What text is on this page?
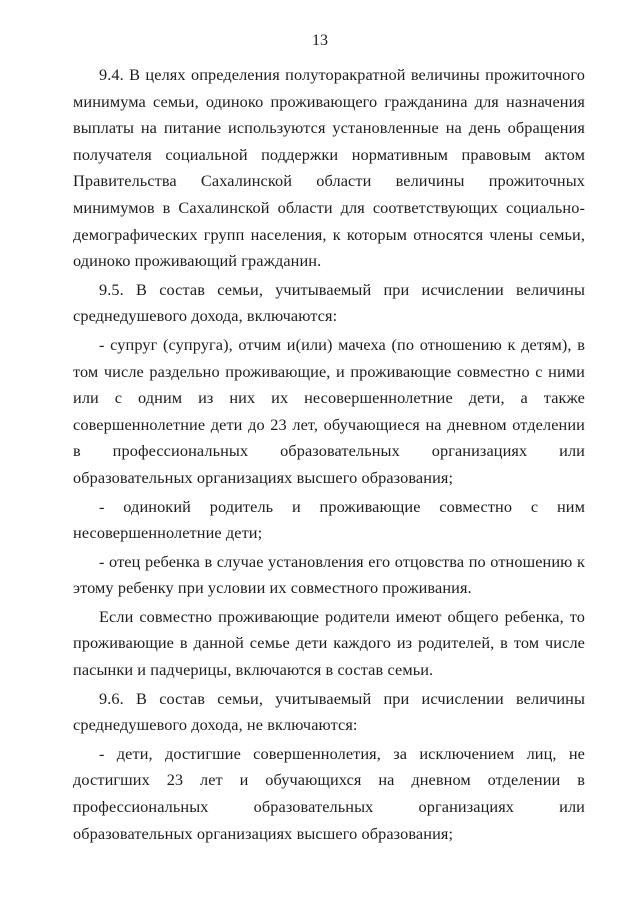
13

9.4. В целях определения полуторакратной величины прожиточного минимума семьи, одиноко проживающего гражданина для назначения выплаты на питание используются установленные на день обращения получателя социальной поддержки нормативным правовым актом Правительства Сахалинской области величины прожиточных минимумов в Сахалинской области для соответствующих социально-демографических групп населения, к которым относятся члены семьи, одиноко проживающий гражданин.

9.5. В состав семьи, учитываемый при исчислении величины среднедушевого дохода, включаются:

- супруг (супруга), отчим и(или) мачеха (по отношению к детям), в том числе раздельно проживающие, и проживающие совместно с ними или с одним из них их несовершеннолетние дети, а также совершеннолетние дети до 23 лет, обучающиеся на дневном отделении в профессиональных образовательных организациях или образовательных организациях высшего образования;

- одинокий родитель и проживающие совместно с ним несовершеннолетние дети;

- отец ребенка в случае установления его отцовства по отношению к этому ребенку при условии их совместного проживания.

Если совместно проживающие родители имеют общего ребенка, то проживающие в данной семье дети каждого из родителей, в том числе пасынки и падчерицы, включаются в состав семьи.

9.6. В состав семьи, учитываемый при исчислении величины среднедушевого дохода, не включаются:

- дети, достигшие совершеннолетия, за исключением лиц, не достигших 23 лет и обучающихся на дневном отделении в профессиональных образовательных организациях или образовательных организациях высшего образования;
